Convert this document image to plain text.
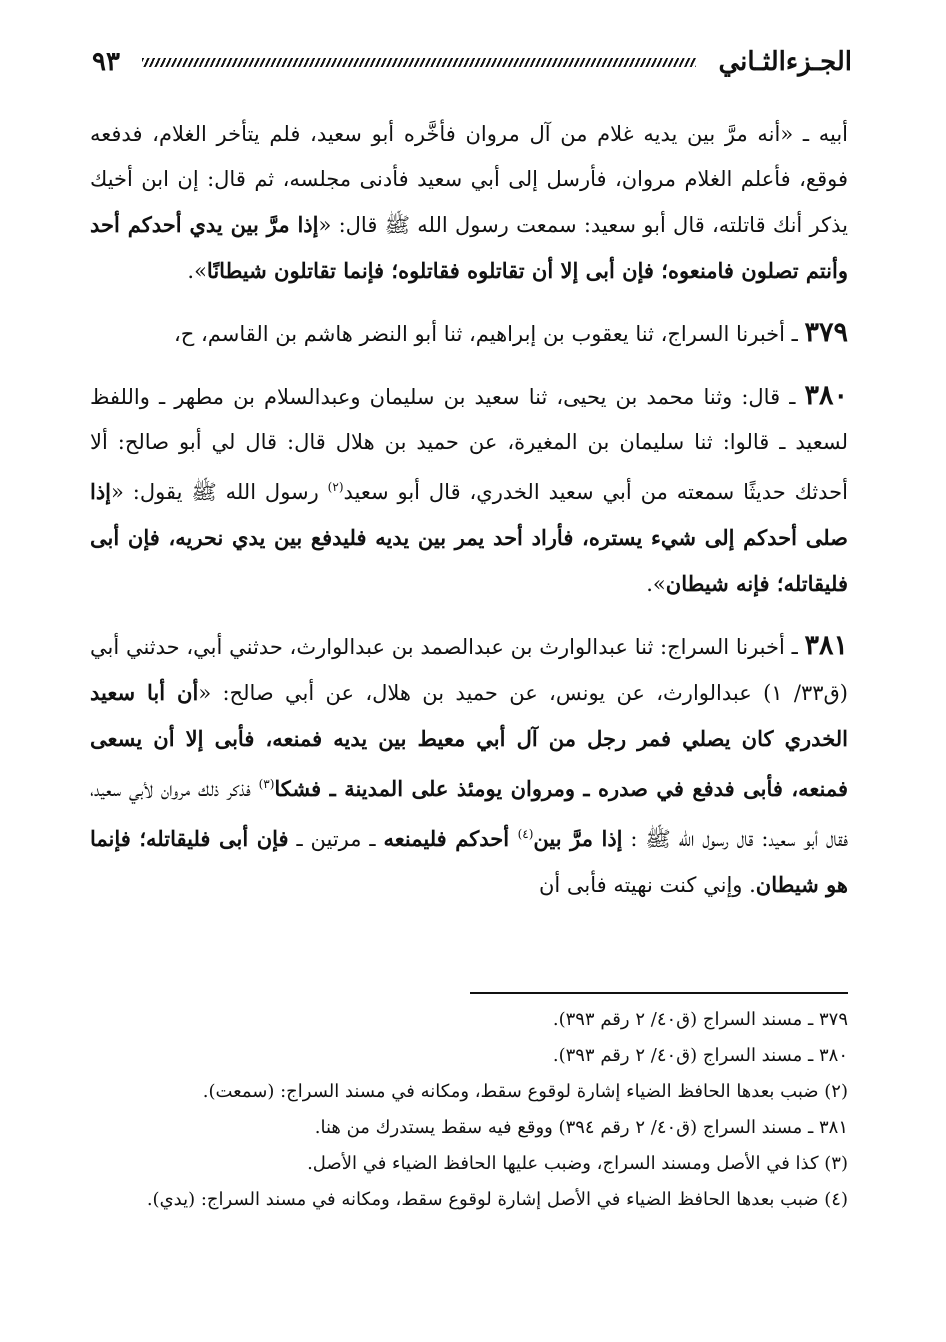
الجـزءالثـاني
٩٣

أبيه ـ «أنه مرَّ بين يديه غلام من آل مروان فأخَّره أبو سعيد، فلم يتأخر الغلام، فدفعه فوقع، فأعلم الغلام مروان، فأرسل إلى أبي سعيد فأدنى مجلسه، ثم قال: إن ابن أخيك يذكر أنك قاتلته، قال أبو سعيد: سمعت رسول الله ﷺ قال: «إذا مرَّ بين يدي أحدكم أحد وأنتم تصلون فامنعوه؛ فإن أبى إلا أن تقاتلوه فقاتلوه؛ فإنما تقاتلون شيطانًا».

٣٧٩ ـ أخبرنا السراج، ثنا يعقوب بن إبراهيم، ثنا أبو النضر هاشم بن القاسم، ح،

٣٨٠ ـ قال: وثنا محمد بن يحيى، ثنا سعيد بن سليمان وعبدالسلام بن مطهر ـ واللفظ لسعيد ـ قالوا: ثنا سليمان بن المغيرة، عن حميد بن هلال قال: قال لي أبو صالح: ألا أحدثك حديثًا سمعته من أبي سعيد الخدري، قال أبو سعيد$^{(٢)}$ رسول الله ﷺ يقول: «إذا صلى أحدكم إلى شيء يستره، فأراد أحد يمر بين يديه فليدفع بين يدي نحريه، فإن أبى فليقاتله؛ فإنه شيطان».

٣٨١ ـ أخبرنا السراج: ثنا عبدالوارث بن عبدالصمد بن عبدالوارث، حدثني أبي، حدثني أبي (ق٣٣/ ١) عبدالوارث، عن يونس، عن حميد بن هلال، عن أبي صالح: «أن أبا سعيد الخدري كان يصلي فمر رجل من آل أبي معيط بين يديه فمنعه، فأبى إلا أن يسعى فمنعه، فأبى فدفع في صدره ـ ومروان يومئذ على المدينة ـ فشكا$^{(٣)}$ فذكر ذلك مروان لأبي سعيد، فقال أبو سعيد: قال رسول الله ﷺ : إذا مرَّ بين$^{(٤)}$ أحدكم فليمنعه ـ مرتين ـ فإن أبى فليقاتله؛ فإنما هو شيطان. وإني كنت نهيته فأبى أن

٣٧٩ ـ مسند السراج (ق٤٠/ ٢ رقم ٣٩٣).

٣٨٠ ـ مسند السراج (ق٤٠/ ٢ رقم ٣٩٣).

(٢) ضبب بعدها الحافظ الضياء إشارة لوقوع سقط، ومكانه في مسند السراج: (سمعت).

٣٨١ ـ مسند السراج (ق٤٠/ ٢ رقم ٣٩٤) ووقع فيه سقط يستدرك من هنا.

(٣) كذا في الأصل ومسند السراج، وضبب عليها الحافظ الضياء في الأصل.

(٤) ضبب بعدها الحافظ الضياء في الأصل إشارة لوقوع سقط، ومكانه في مسند السراج: (يدي).
